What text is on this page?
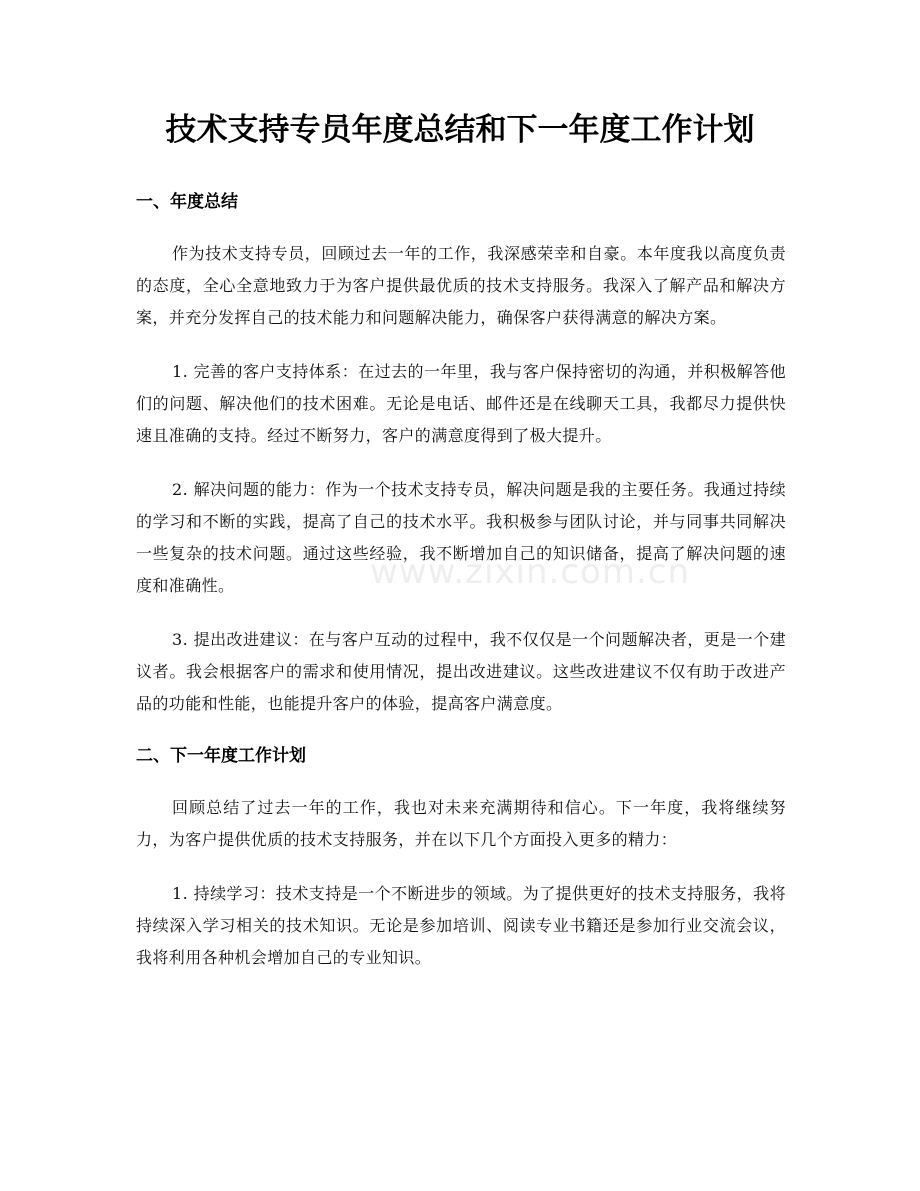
技术支持专员年度总结和下一年度工作计划
www.zixin.com.cn
一、年度总结

作为技术支持专员，回顾过去一年的工作，我深感荣幸和自豪。本年度我以高度负责的态度，全心全意地致力于为客户提供最优质的技术支持服务。我深入了解产品和解决方案，并充分发挥自己的技术能力和问题解决能力，确保客户获得满意的解决方案。

1. 完善的客户支持体系：在过去的一年里，我与客户保持密切的沟通，并积极解答他们的问题、解决他们的技术困难。无论是电话、邮件还是在线聊天工具，我都尽力提供快速且准确的支持。经过不断努力，客户的满意度得到了极大提升。

2. 解决问题的能力：作为一个技术支持专员，解决问题是我的主要任务。我通过持续的学习和不断的实践，提高了自己的技术水平。我积极参与团队讨论，并与同事共同解决一些复杂的技术问题。通过这些经验，我不断增加自己的知识储备，提高了解决问题的速度和准确性。

3. 提出改进建议：在与客户互动的过程中，我不仅仅是一个问题解决者，更是一个建议者。我会根据客户的需求和使用情况，提出改进建议。这些改进建议不仅有助于改进产品的功能和性能，也能提升客户的体验，提高客户满意度。

二、下一年度工作计划

回顾总结了过去一年的工作，我也对未来充满期待和信心。下一年度，我将继续努力，为客户提供优质的技术支持服务，并在以下几个方面投入更多的精力：

1. 持续学习：技术支持是一个不断进步的领域。为了提供更好的技术支持服务，我将持续深入学习相关的技术知识。无论是参加培训、阅读专业书籍还是参加行业交流会议，我将利用各种机会增加自己的专业知识。
